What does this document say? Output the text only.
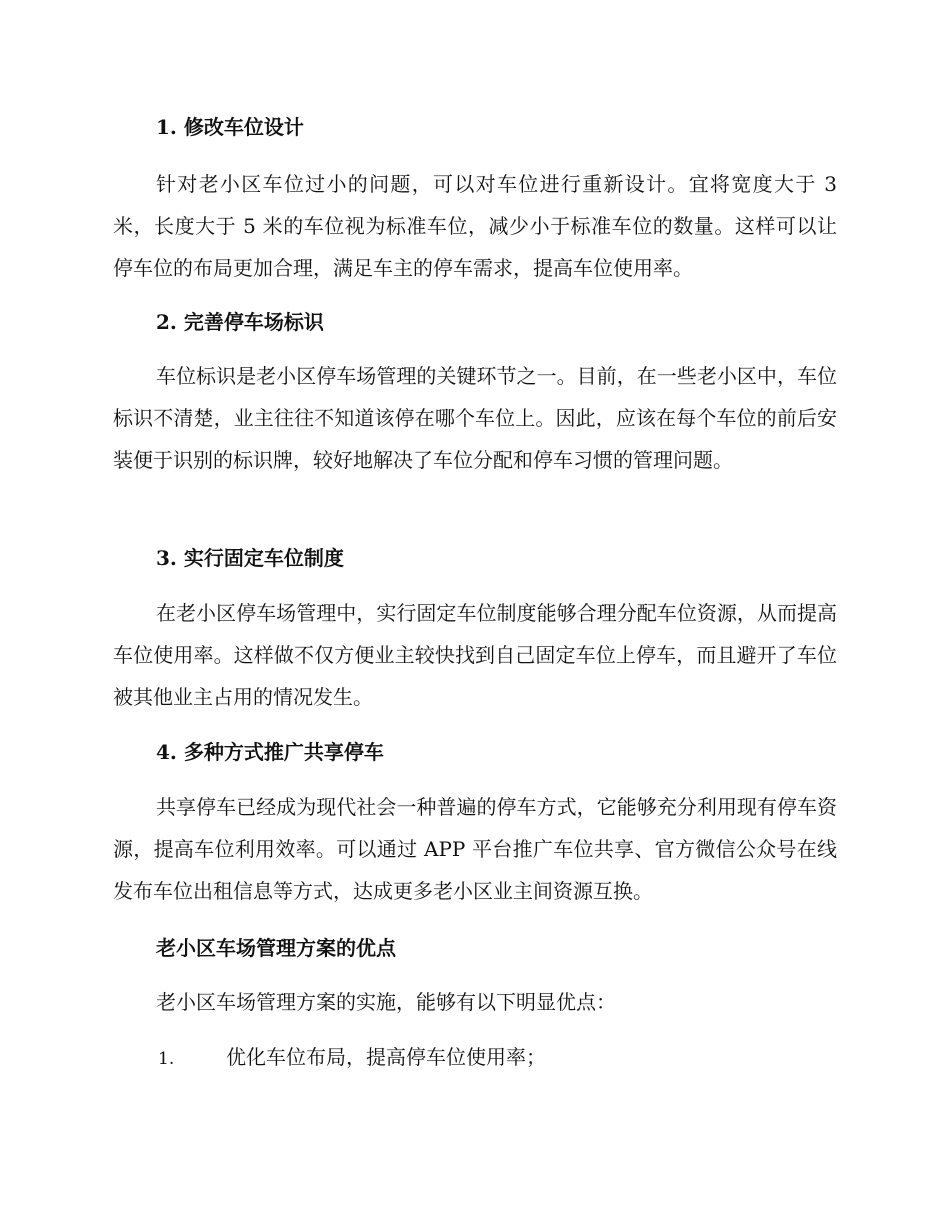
1. 修改车位设计
针对老小区车位过小的问题，可以对车位进行重新设计。宜将宽度大于 3 米，长度大于 5 米的车位视为标准车位，减少小于标准车位的数量。这样可以让停车位的布局更加合理，满足车主的停车需求，提高车位使用率。
2. 完善停车场标识
车位标识是老小区停车场管理的关键环节之一。目前，在一些老小区中，车位标识不清楚，业主往往不知道该停在哪个车位上。因此，应该在每个车位的前后安装便于识别的标识牌，较好地解决了车位分配和停车习惯的管理问题。
3. 实行固定车位制度
在老小区停车场管理中，实行固定车位制度能够合理分配车位资源，从而提高车位使用率。这样做不仅方便业主较快找到自己固定车位上停车，而且避开了车位被其他业主占用的情况发生。
4. 多种方式推广共享停车
共享停车已经成为现代社会一种普遍的停车方式，它能够充分利用现有停车资源，提高车位利用效率。可以通过 APP 平台推广车位共享、官方微信公众号在线发布车位出租信息等方式，达成更多老小区业主间资源互换。
老小区车场管理方案的优点
老小区车场管理方案的实施，能够有以下明显优点：
1.	优化车位布局，提高停车位使用率；
